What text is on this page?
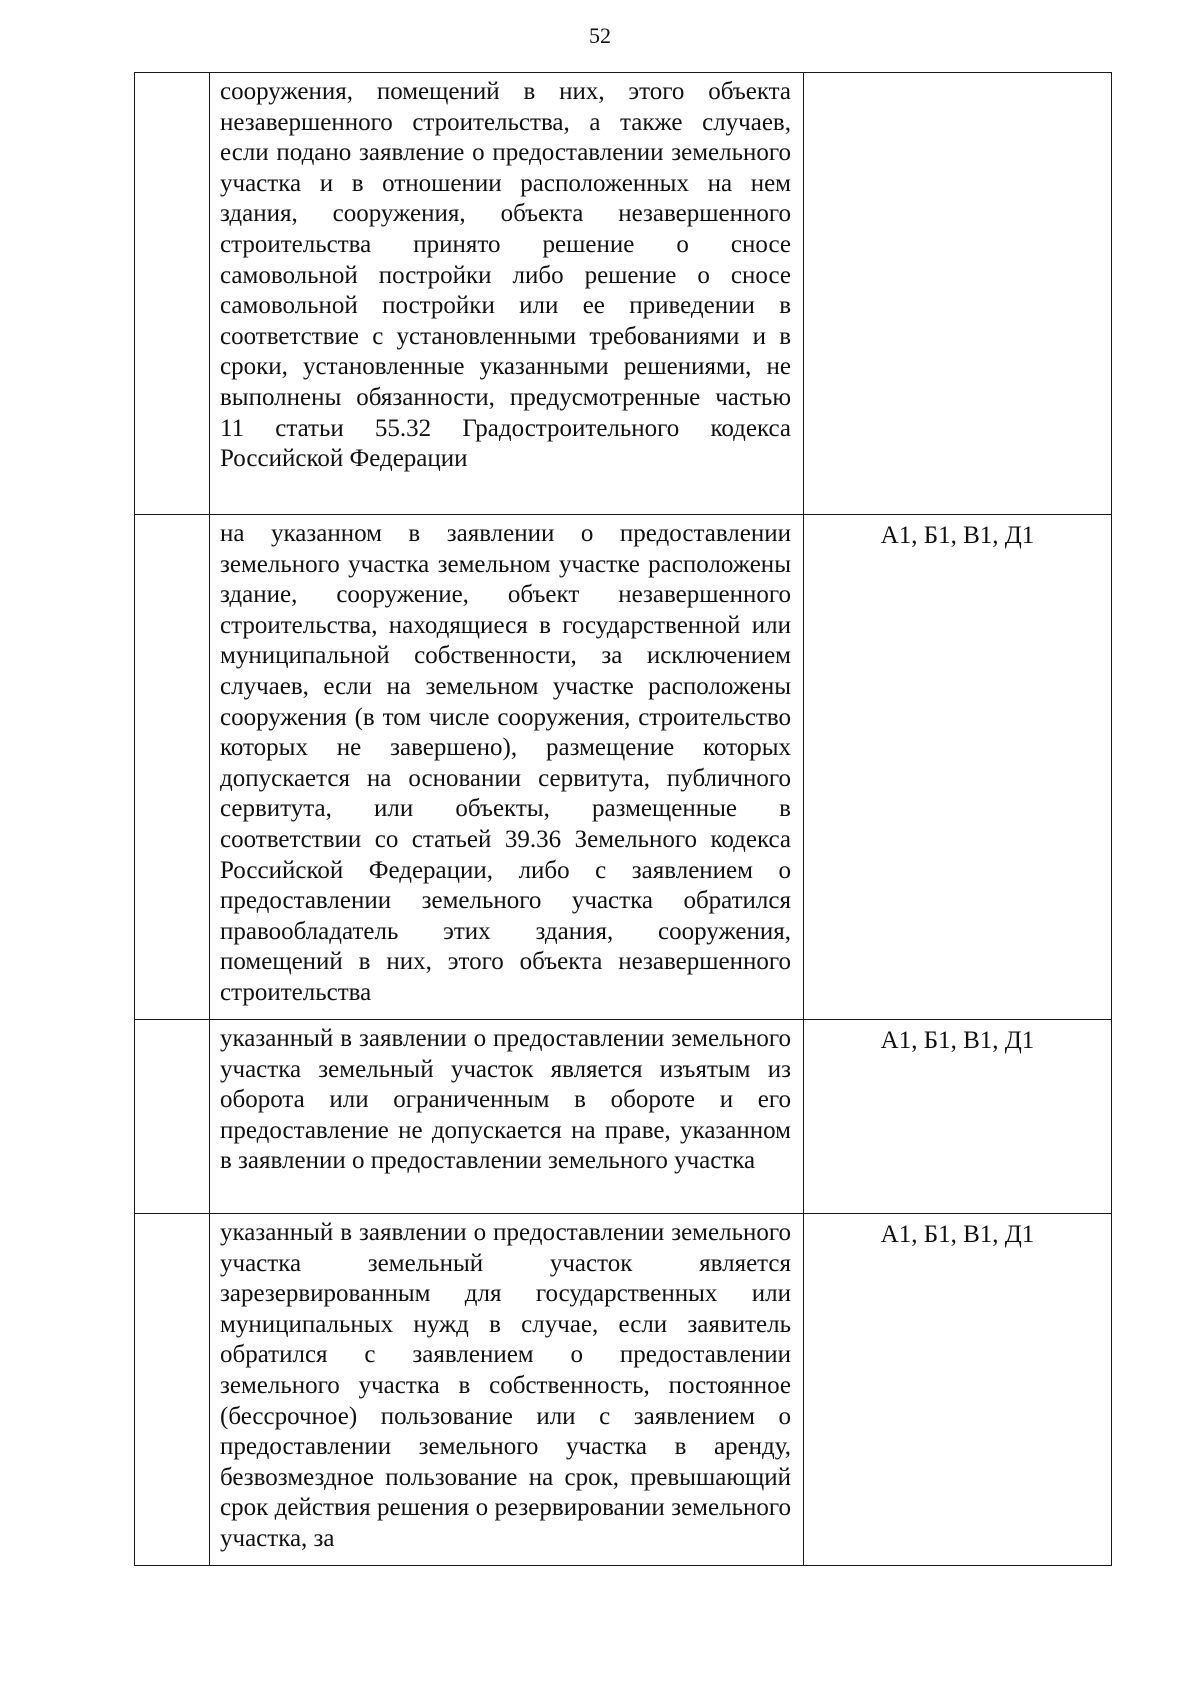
52
	сооружения, помещений в них, этого объекта незавершенного строительства, а также случаев, если подано заявление о предоставлении земельного участка и в отношении расположенных на нем здания, сооружения, объекта незавершенного строительства принято решение о сносе самовольной постройки либо решение о сносе самовольной постройки или ее приведении в соответствие с установленными требованиями и в сроки, установленные указанными решениями, не выполнены обязанности, предусмотренные частью 11 статьи 55.32 Градостроительного кодекса Российской Федерации	
	на указанном в заявлении о предоставлении земельного участка земельном участке расположены здание, сооружение, объект незавершенного строительства, находящиеся в государственной или муниципальной собственности, за исключением случаев, если на земельном участке расположены сооружения (в том числе сооружения, строительство которых не завершено), размещение которых допускается на основании сервитута, публичного сервитута, или объекты, размещенные в соответствии со статьей 39.36 Земельного кодекса Российской Федерации, либо с заявлением о предоставлении земельного участка обратился правообладатель этих здания, сооружения, помещений в них, этого объекта незавершенного строительства	А1, Б1, В1, Д1
	указанный в заявлении о предоставлении земельного участка земельный участок является изъятым из оборота или ограниченным в обороте и его предоставление не допускается на праве, указанном в заявлении о предоставлении земельного участка	А1, Б1, В1, Д1
	указанный в заявлении о предоставлении земельного участка земельный участок является зарезервированным для государственных или муниципальных нужд в случае, если заявитель обратился с заявлением о предоставлении земельного участка в собственность, постоянное (бессрочное) пользование или с заявлением о предоставлении земельного участка в аренду, безвозмездное пользование на срок, превышающий срок действия решения о резервировании земельного участка, за	А1, Б1, В1, Д1
